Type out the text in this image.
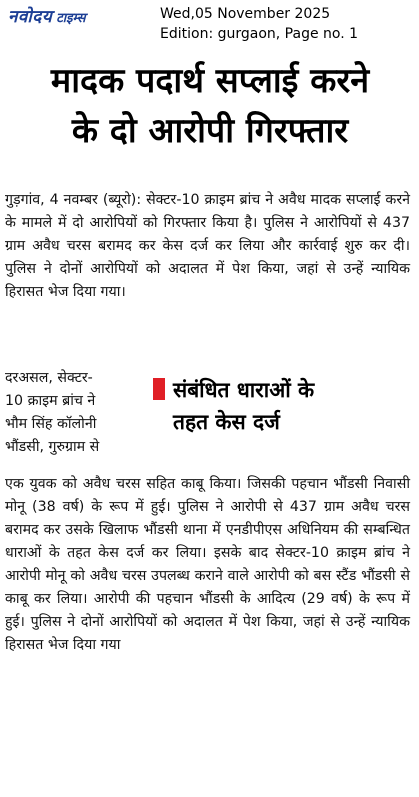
नवोदय टाइम्स	Wed,05 November 2025
Edition: gurgaon, Page no. 1
मादक पदार्थ सप्लाई करने
के दो आरोपी गिरफ्तार
गुड़गांव, 4 नवम्बर (ब्यूरो): सेक्टर-10 क्राइम ब्रांच ने अवैध मादक सप्लाई करने के मामले में दो आरोपियों को गिरफ्तार किया है। पुलिस ने आरोपियों से 437 ग्राम अवैध चरस बरामद कर केस दर्ज कर लिया और कार्रवाई शुरु कर दी। पुलिस ने दोनों आरोपियों को अदालत में पेश किया, जहां से उन्हें न्यायिक हिरासत भेज दिया गया।
दरअसल, सेक्टर-
10 क्राइम ब्रांच ने
भौम सिंह कॉलोनी
भौंडसी, गुरुग्राम से
संबंधित धाराओं के
तहत केस दर्ज
एक युवक को अवैध चरस सहित काबू किया। जिसकी पहचान भौंडसी निवासी मोनू (38 वर्ष) के रूप में हुई। पुलिस ने आरोपी से 437 ग्राम अवैध चरस बरामद कर उसके खिलाफ भौंडसी थाना में एनडीपीएस अधिनियम की सम्बन्धित धाराओं के तहत केस दर्ज कर लिया। इसके बाद सेक्टर-10 क्राइम ब्रांच ने आरोपी मोनू को अवैध चरस उपलब्ध कराने वाले आरोपी को बस स्टैंड भौंडसी से काबू कर लिया। आरोपी की पहचान भौंडसी के आदित्य (29 वर्ष) के रूप में हुई। पुलिस ने दोनों आरोपियों को अदालत में पेश किया, जहां से उन्हें न्यायिक हिरासत भेज दिया गया
